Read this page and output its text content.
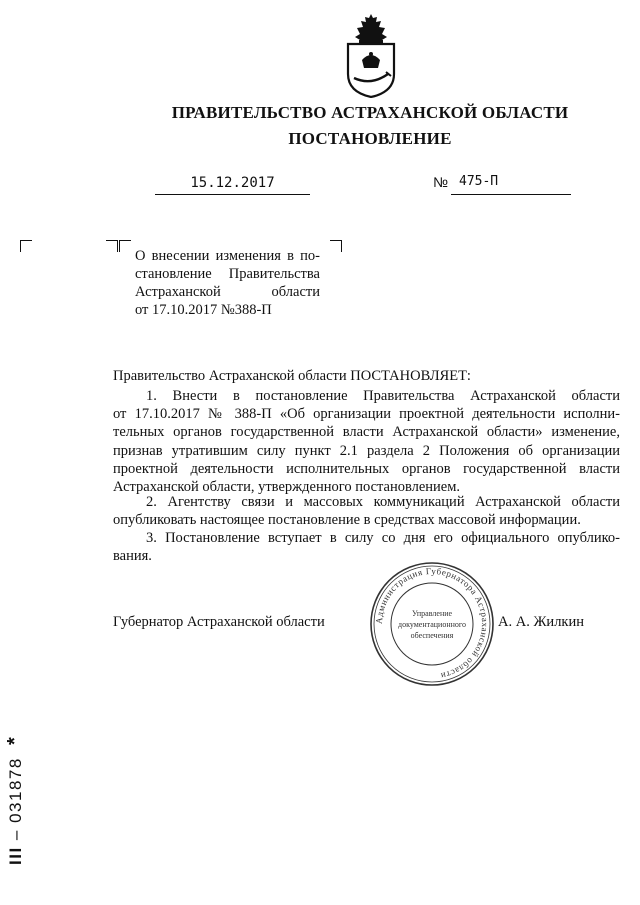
ПРАВИТЕЛЬСТВО АСТРАХАНСКОЙ ОБЛАСТИ
ПОСТАНОВЛЕНИЕ
15.12.2017	№ 475-П
О внесении изменения в по-
становление Правительства
Астраханской области
от 17.10.2017 №388-П
Правительство Астраханской области ПОСТАНОВЛЯЕТ:
1. Внести в постановление Правительства Астраханской области
от 17.10.2017 № 388-П «Об организации проектной деятельности исполни-
тельных органов государственной власти Астраханской области» изменение,
признав утратившим силу пункт 2.1 раздела 2 Положения об организации
проектной деятельности исполнительных органов государственной власти
Астраханской области, утвержденного постановлением.
2. Агентству связи и массовых коммуникаций Астраханской области
опубликовать настоящее постановление в средствах массовой информации.
3. Постановление вступает в силу со дня его официального опублико-
вания.
Губернатор Астраханской области	А. А. Жилкин
Администрация Губернатора Астраханской области
Управление
документационного
обеспечения
III – 031878 *
